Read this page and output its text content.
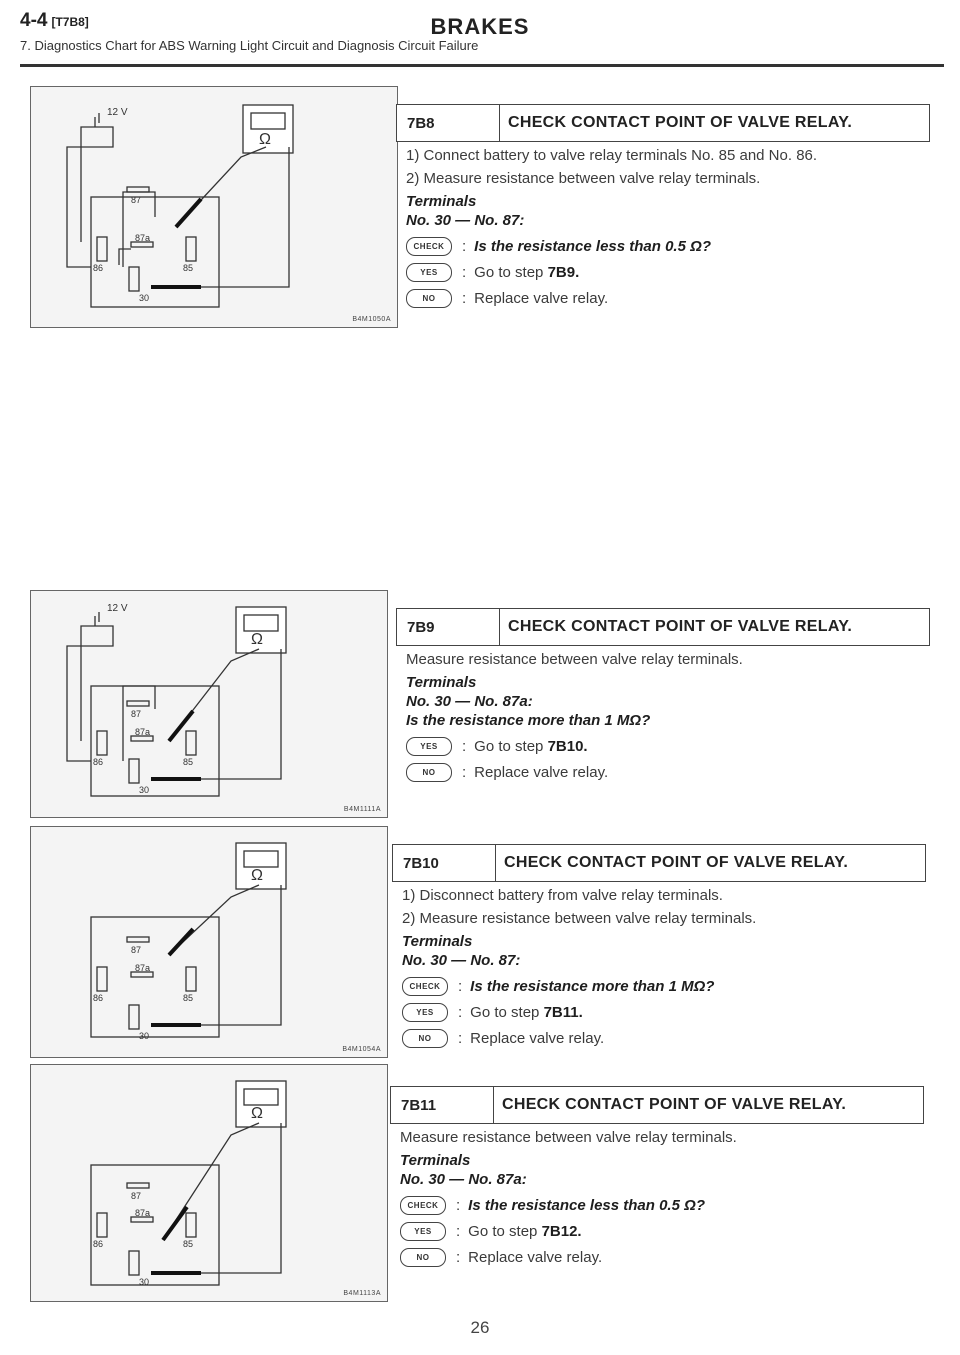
4-4 [T7B8]	BRAKES
7. Diagnostics Chart for ABS Warning Light Circuit and Diagnosis Circuit Failure
12 V
Ω
87
86
87a
85
30
B4M1050A
12 V
Ω
87
86
87a
85
30
B4M1111A
Ω
87
86
87a
85
30
B4M1054A
Ω
87
86
87a
85
30
B4M1113A
7B8	CHECK CONTACT POINT OF VALVE RELAY.
1) Connect battery to valve relay terminals No. 85 and No. 86.
2) Measure resistance between valve relay terminals.
Terminals
No. 30 — No. 87:
CHECK	: Is the resistance less than 0.5 Ω?
YES	: Go to step
7B9.
NO	: Replace valve relay.
7B9	CHECK CONTACT POINT OF VALVE RELAY.
Measure resistance between valve relay terminals.
Terminals
No. 30 — No. 87a:
Is the resistance more than 1 MΩ?
YES	: Go to step
7B10.
NO	: Replace valve relay.
7B10	CHECK CONTACT POINT OF VALVE RELAY.
1) Disconnect battery from valve relay terminals.
2) Measure resistance between valve relay terminals.
Terminals
No. 30 — No. 87:
CHECK	: Is the resistance more than 1 MΩ?
YES	: Go to step
7B11.
NO	: Replace valve relay.
7B11	CHECK CONTACT POINT OF VALVE RELAY.
Measure resistance between valve relay terminals.
Terminals
No. 30 — No. 87a:
CHECK	: Is the resistance less than 0.5 Ω?
YES	: Go to step
7B12.
NO	: Replace valve relay.
26
